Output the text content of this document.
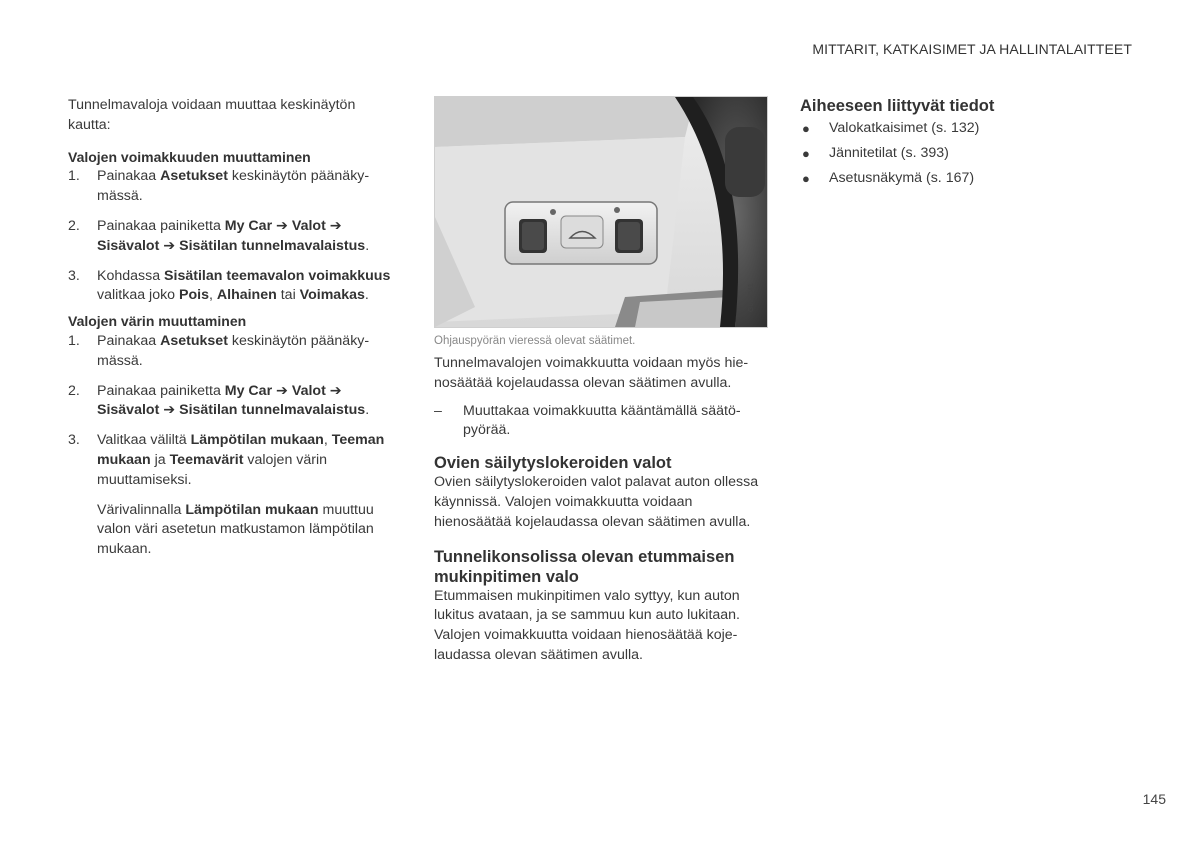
MITTARIT, KATKAISIMET JA HALLINTALAITTEET

Tunnelmavaloja voidaan muuttaa keskinäytön kautta:

Valojen voimakkuuden muuttaminen

1. Painakaa Asetukset keskinäytön päänäkymässä.
2. Painakaa painiketta My Car ➔ Valot ➔
Sisävalot ➔ Sisätilan tunnelmavalaistus.
3. Kohdassa Sisätilan teemavalon voimakkuus valitkaa joko Pois, Alhainen tai Voimakas.

Valojen värin muuttaminen

1. Painakaa Asetukset keskinäytön päänäkymässä.
2. Painakaa painiketta My Car ➔ Valot ➔
Sisävalot ➔ Sisätilan tunnelmavalaistus.
3. Valitkaa väliltä Lämpötilan mukaan, Teeman mukaan ja Teemavärit valojen värin muuttamiseksi.

Värivalinnalla Lämpötilan mukaan muuttuu valon väri asetetun matkustamon lämpötilan mukaan.

G065041

Ohjauspyörän vieressä olevat säätimet.

Tunnelmavalojen voimakkuutta voidaan myös hienosäätää kojelaudassa olevan säätimen avulla.

– Muuttakaa voimakkuutta kääntämällä säätöpyörää.

Ovien säilytyslokeroiden valot

Ovien säilytyslokeroiden valot palavat auton ollessa käynnissä. Valojen voimakkuutta voidaan hienosäätää kojelaudassa olevan säätimen avulla.

Tunnelikonsolissa olevan etummaisen mukinpitimen valo

Etummaisen mukinpitimen valo syttyy, kun auton lukitus avataan, ja se sammuu kun auto lukitaan. Valojen voimakkuutta voidaan hienosäätää kojelaudassa olevan säätimen avulla.

Aiheeseen liittyvät tiedot
● Valokatkaisimet (s. 132)
● Jännitetilat (s. 393)
● Asetusnäkymä (s. 167)
145
